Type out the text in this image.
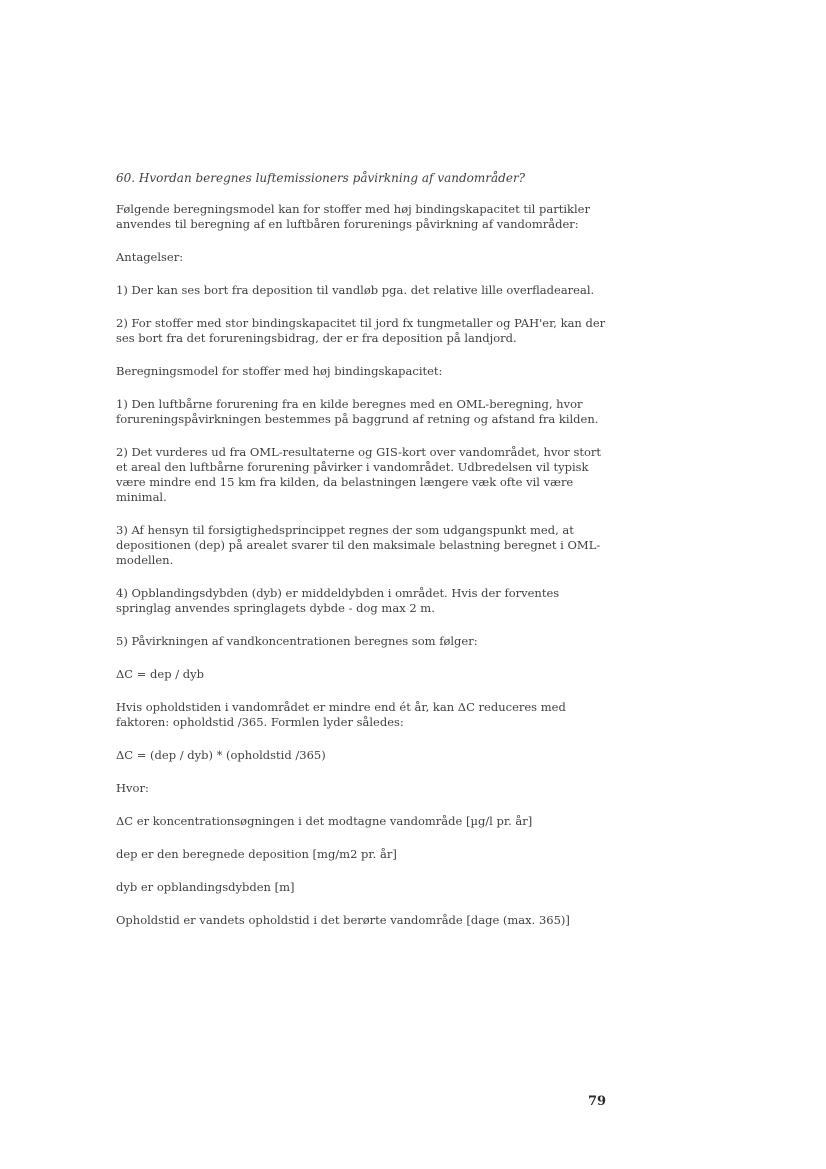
60. Hvordan beregnes luftemissioners påvirkning af vandområder?

Følgende beregningsmodel kan for stoffer med høj bindingskapacitet til partikler anvendes til beregning af en luftbåren forurenings påvirkning af vandområder:

Antagelser:

1) Der kan ses bort fra deposition til vandløb pga. det relative lille overfladeareal.

2) For stoffer med stor bindingskapacitet til jord fx tungmetaller og PAH'er, kan der ses bort fra det forureningsbidrag, der er fra deposition på landjord.

Beregningsmodel for stoffer med høj bindingskapacitet:

1) Den luftbårne forurening fra en kilde beregnes med en OML-beregning, hvor forureningspåvirkningen bestemmes på baggrund af retning og afstand fra kilden.

2) Det vurderes ud fra OML-resultaterne og GIS-kort over vandområdet, hvor stort et areal den luftbårne forurening påvirker i vandområdet. Udbredelsen vil typisk være mindre end 15 km fra kilden, da belastningen længere væk ofte vil være minimal.

3) Af hensyn til forsigtighedsprincippet regnes der som udgangspunkt med, at depositionen (dep) på arealet svarer til den maksimale belastning beregnet i OML-modellen.

4) Opblandingsdybden (dyb) er middeldybden i området. Hvis der forventes springlag anvendes springlagets dybde - dog max 2 m.

5) Påvirkningen af vandkoncentrationen beregnes som følger:

ΔC = dep / dyb

Hvis opholdstiden i vandområdet er mindre end ét år, kan ΔC reduceres med faktoren: opholdstid /365. Formlen lyder således:

ΔC = (dep / dyb) * (opholdstid /365)

Hvor:

ΔC er koncentrationsøgningen i det modtagne vandområde [µg/l pr. år]

dep er den beregnede deposition [mg/m2 pr. år]

dyb er opblandingsdybden [m]

Opholdstid er vandets opholdstid i det berørte vandområde [dage (max. 365)]

79
